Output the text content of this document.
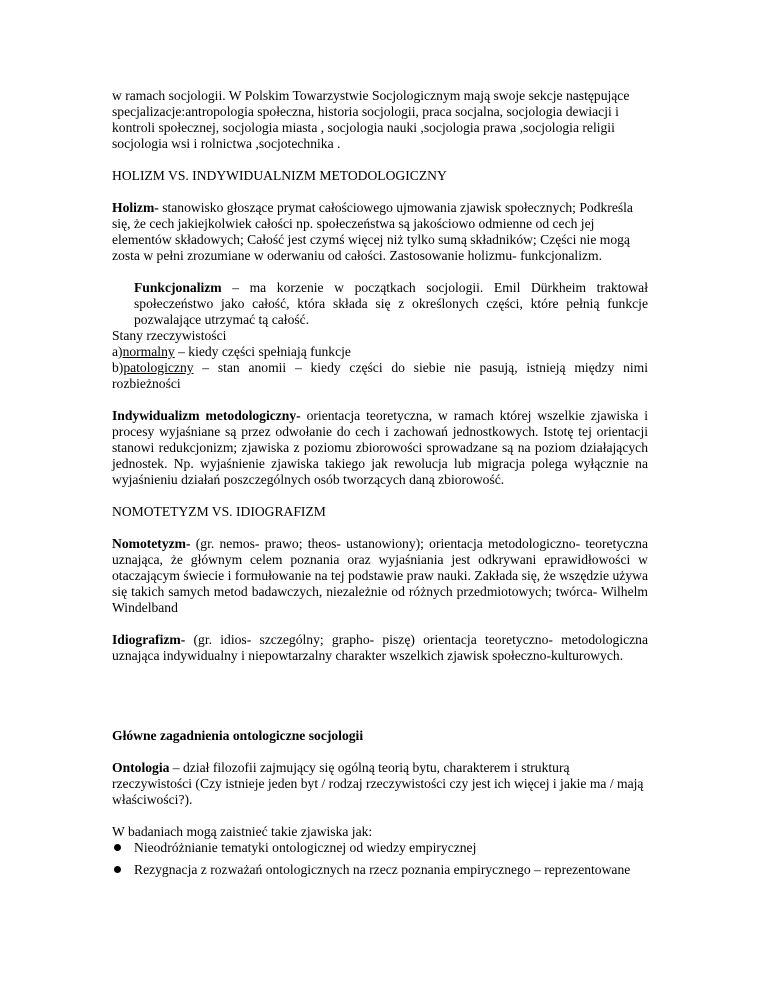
w ramach socjologii. W Polskim Towarzystwie Socjologicznym mają swoje sekcje następujące specjalizacje:antropologia społeczna, historia socjologii, praca socjalna, socjologia dewiacji i kontroli społecznej, socjologia miasta , socjologia nauki ,socjologia prawa ,socjologia religii socjologia wsi i rolnictwa ,socjotechnika .

HOLIZM VS. INDYWIDUALNIZM METODOLOGICZNY

Holizm- stanowisko głoszące prymat całościowego ujmowania zjawisk społecznych; Podkreśla się, że cech jakiejkolwiek całości np. społeczeństwa są jakościowo odmienne od cech jej elementów składowych; Całość jest czymś więcej niż tylko sumą składników; Części nie mogą zosta w pełni zrozumiane w oderwaniu od całości. Zastosowanie holizmu- funkcjonalizm.

Funkcjonalizm – ma korzenie w początkach socjologii. Emil Dürkheim traktował społeczeństwo jako całość, która składa się z określonych części, które pełnią funkcje pozwalające utrzymać tą całość.

Stany rzeczywistości

a)normalny – kiedy części spełniają funkcje

b)patologiczny – stan anomii – kiedy części do siebie nie pasują, istnieją między nimi rozbieżności

Indywidualizm metodologiczny- orientacja teoretyczna, w ramach której wszelkie zjawiska i procesy wyjaśniane są przez odwołanie do cech i zachowań jednostkowych. Istotę tej orientacji stanowi redukcjonizm; zjawiska z poziomu zbiorowości sprowadzane są na poziom działających jednostek. Np. wyjaśnienie zjawiska takiego jak rewolucja lub migracja polega wyłącznie na wyjaśnieniu działań poszczególnych osób tworzących daną zbiorowość.

NOMOTETYZM VS. IDIOGRAFIZM

Nomotetyzm- (gr. nemos- prawo; theos- ustanowiony); orientacja metodologiczno- teoretyczna uznająca, że głównym celem poznania oraz wyjaśniania jest odkrywani eprawidłowości w otaczającym świecie i formułowanie na tej podstawie praw nauki. Zakłada się, że wszędzie używa się takich samych metod badawczych, niezależnie od różnych przedmiotowych; twórca- Wilhelm Windelband

Idiografizm- (gr. idios- szczególny; grapho- piszę) orientacja teoretyczno- metodologiczna uznająca indywidualny i niepowtarzalny charakter wszelkich zjawisk społeczno-kulturowych.

Główne zagadnienia ontologiczne socjologii

Ontologia – dział filozofii zajmujący się ogólną teorią bytu, charakterem i strukturą rzeczywistości (Czy istnieje jeden byt / rodzaj rzeczywistości czy jest ich więcej i jakie ma / mają właściwości?).

W badaniach mogą zaistnieć takie zjawiska jak:

Nieodróżnianie tematyki ontologicznej od wiedzy empirycznej
Rezygnacja z rozważań ontologicznych na rzecz poznania empirycznego – reprezentowane
